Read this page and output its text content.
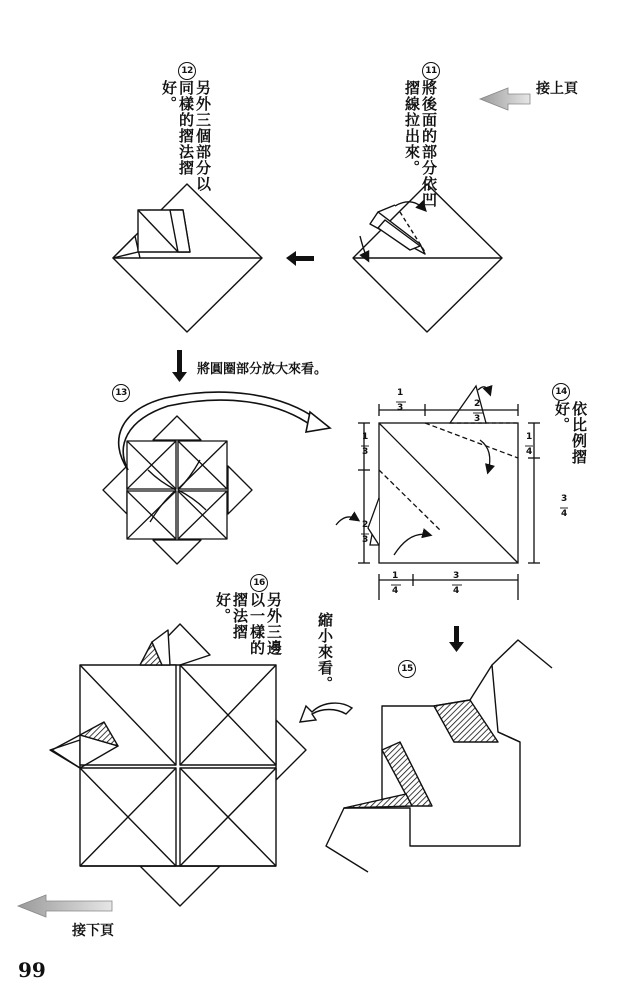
接上頁
接下頁
99
11
將後面的部分依凹摺線拉出來。
12
另外三個部分以同樣的摺法摺好。
13
將圓圈部分放大來看。
14
依比例摺好。
15
縮小來看。
16
另外三邊以一樣的摺法摺好。
1
3	2
3
1
3
2
3
1
4
3
4
1
4
3
4
